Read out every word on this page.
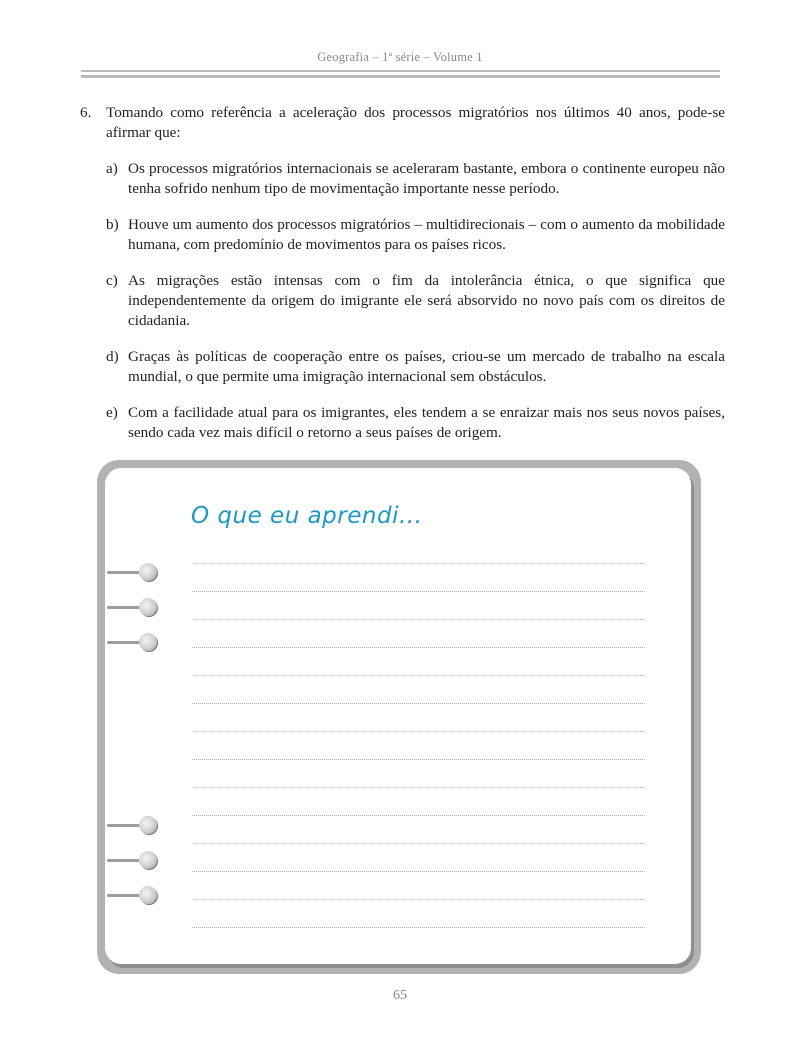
Geografia – 1ª série – Volume 1
6. Tomando como referência a aceleração dos processos migratórios nos últimos 40 anos, pode-se afirmar que:
a) Os processos migratórios internacionais se aceleraram bastante, embora o continente europeu não tenha sofrido nenhum tipo de movimentação importante nesse período.
b) Houve um aumento dos processos migratórios – multidirecionais – com o aumento da mobilidade humana, com predomínio de movimentos para os países ricos.
c) As migrações estão intensas com o fim da intolerância étnica, o que significa que independentemente da origem do imigrante ele será absorvido no novo país com os direitos de cidadania.
d) Graças às políticas de cooperação entre os países, criou-se um mercado de trabalho na escala mundial, o que permite uma imigração internacional sem obstáculos.
e) Com a facilidade atual para os imigrantes, eles tendem a se enraizar mais nos seus novos países, sendo cada vez mais difícil o retorno a seus países de origem.
O que eu aprendi...
65
